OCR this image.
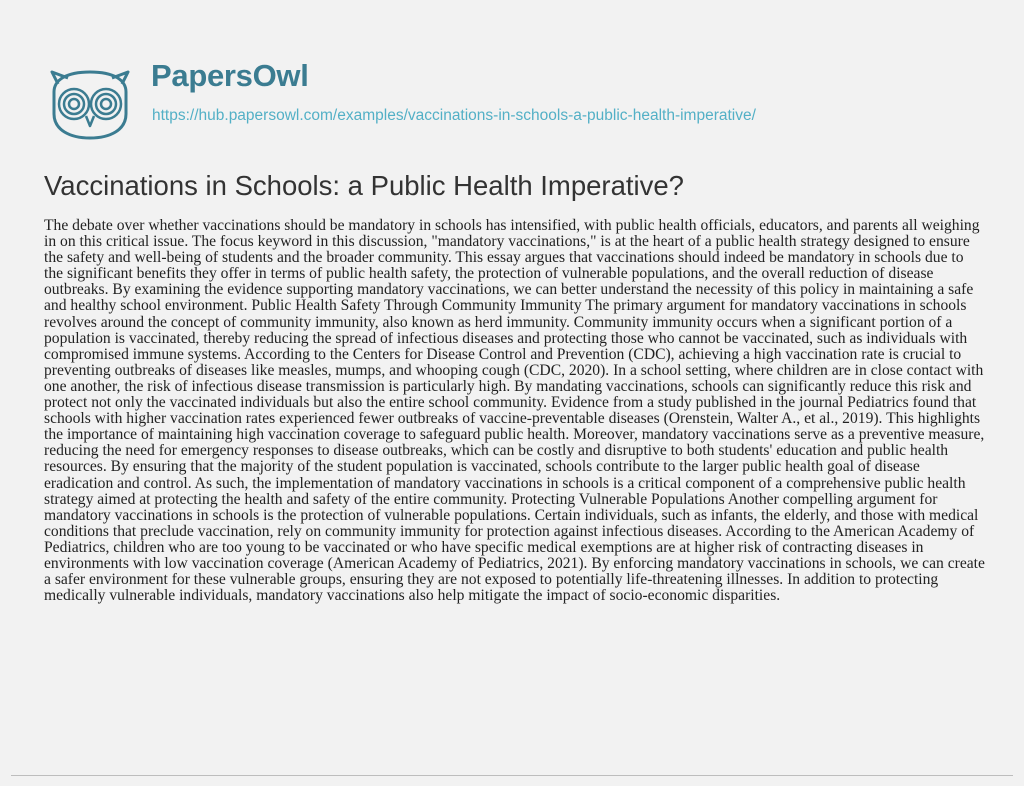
PapersOwl
https://hub.papersowl.com/examples/vaccinations-in-schools-a-public-health-imperative/
Vaccinations in Schools: a Public Health Imperative?

The debate over whether vaccinations should be mandatory in schools has intensified, with public health officials, educators, and parents all weighing in on this critical issue. The focus keyword in this discussion, "mandatory vaccinations," is at the heart of a public health strategy designed to ensure the safety and well-being of students and the broader community. This essay argues that vaccinations should indeed be mandatory in schools due to the significant benefits they offer in terms of public health safety, the protection of vulnerable populations, and the overall reduction of disease outbreaks. By examining the evidence supporting mandatory vaccinations, we can better understand the necessity of this policy in maintaining a safe and healthy school environment. Public Health Safety Through Community Immunity The primary argument for mandatory vaccinations in schools revolves around the concept of community immunity, also known as herd immunity. Community immunity occurs when a significant portion of a population is vaccinated, thereby reducing the spread of infectious diseases and protecting those who cannot be vaccinated, such as individuals with compromised immune systems. According to the Centers for Disease Control and Prevention (CDC), achieving a high vaccination rate is crucial to preventing outbreaks of diseases like measles, mumps, and whooping cough (CDC, 2020). In a school setting, where children are in close contact with one another, the risk of infectious disease transmission is particularly high. By mandating vaccinations, schools can significantly reduce this risk and protect not only the vaccinated individuals but also the entire school community. Evidence from a study published in the journal Pediatrics found that schools with higher vaccination rates experienced fewer outbreaks of vaccine-preventable diseases (Orenstein, Walter A., et al., 2019). This highlights the importance of maintaining high vaccination coverage to safeguard public health. Moreover, mandatory vaccinations serve as a preventive measure, reducing the need for emergency responses to disease outbreaks, which can be costly and disruptive to both students' education and public health resources. By ensuring that the majority of the student population is vaccinated, schools contribute to the larger public health goal of disease eradication and control. As such, the implementation of mandatory vaccinations in schools is a critical component of a comprehensive public health strategy aimed at protecting the health and safety of the entire community. Protecting Vulnerable Populations Another compelling argument for mandatory vaccinations in schools is the protection of vulnerable populations. Certain individuals, such as infants, the elderly, and those with medical conditions that preclude vaccination, rely on community immunity for protection against infectious diseases. According to the American Academy of Pediatrics, children who are too young to be vaccinated or who have specific medical exemptions are at higher risk of contracting diseases in environments with low vaccination coverage (American Academy of Pediatrics, 2021). By enforcing mandatory vaccinations in schools, we can create a safer environment for these vulnerable groups, ensuring they are not exposed to potentially life-threatening illnesses. In addition to protecting medically vulnerable individuals, mandatory vaccinations also help mitigate the impact of socio-economic disparities.
